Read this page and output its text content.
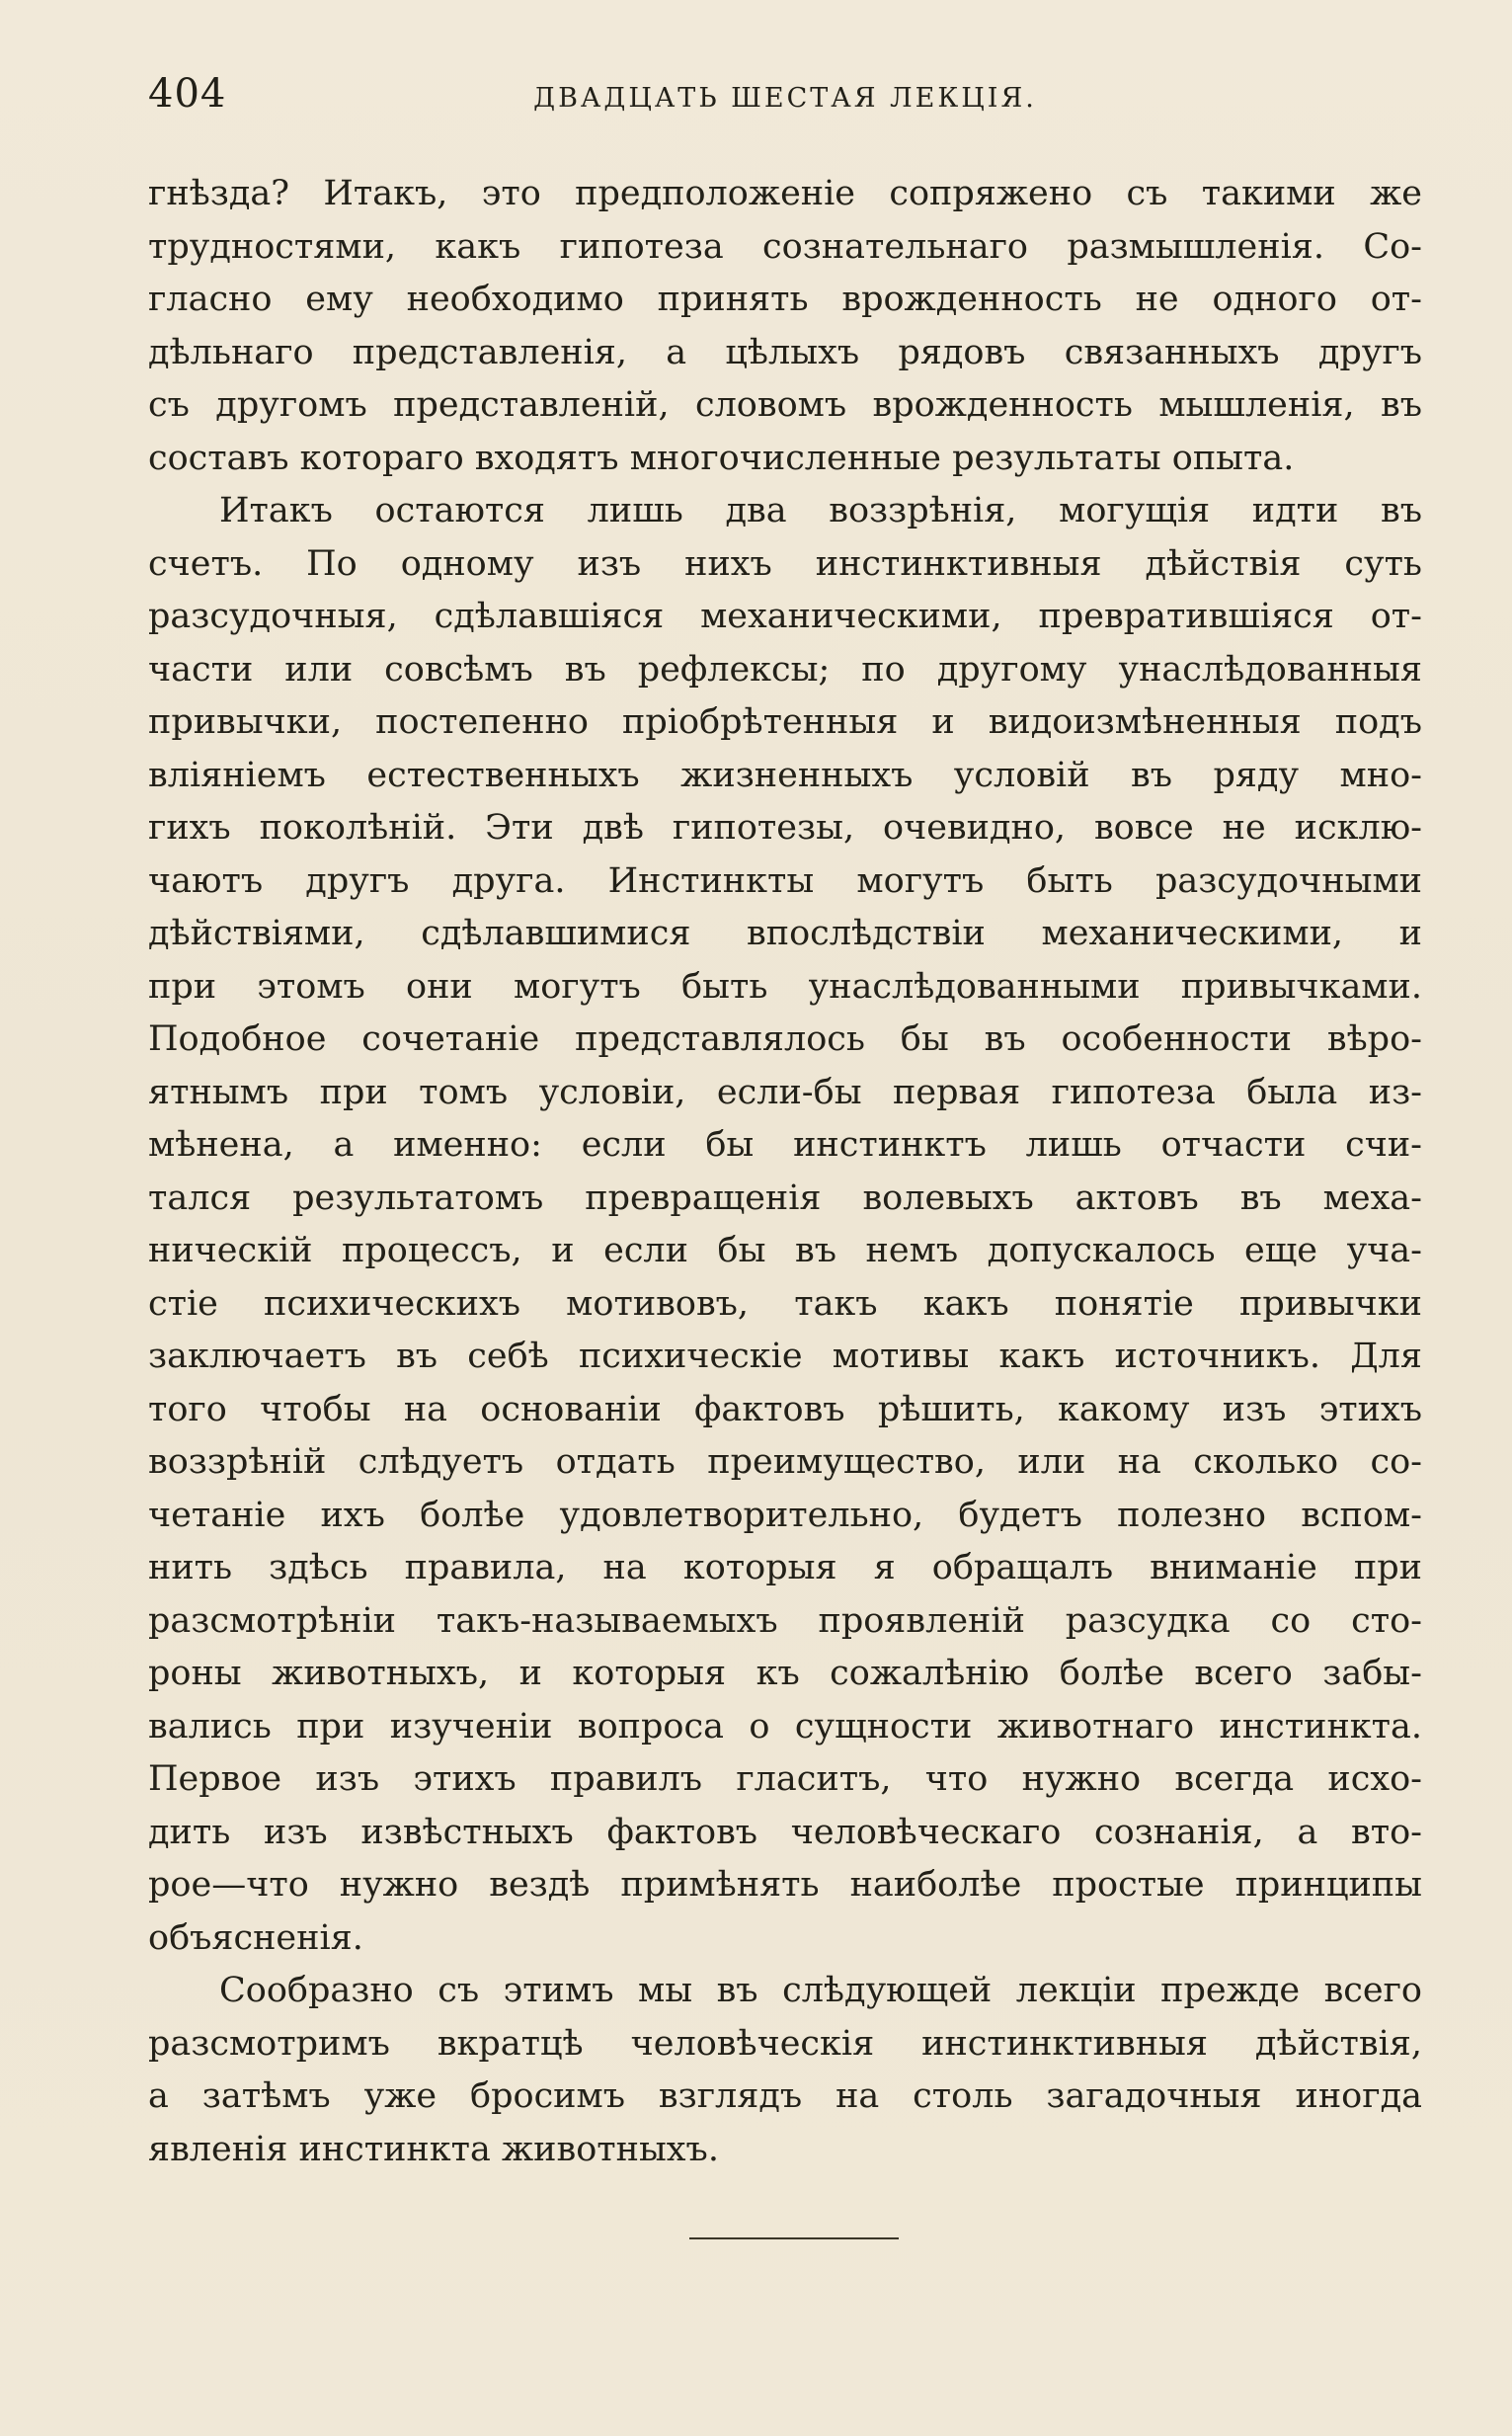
404	ДВАДЦАТЬ ШЕСТАЯ ЛЕКЦІЯ.

гнѣзда? Итакъ, это предположеніе сопряжено съ такими же
трудностями, какъ гипотеза сознательнаго размышленія. Со-
гласно ему необходимо принять врожденность не одного от-
дѣльнаго представленія, а цѣлыхъ рядовъ связанныхъ другъ
съ другомъ представленій, словомъ врожденность мышленія, въ
составъ котораго входятъ многочисленные результаты опыта.

Итакъ остаются лишь два воззрѣнія, могущія идти въ
счетъ. По одному изъ нихъ инстинктивныя дѣйствія суть
разсудочныя, сдѣлавшіяся механическими, превратившіяся от-
части или совсѣмъ въ рефлексы; по другому унаслѣдованныя
привычки, постепенно пріобрѣтенныя и видоизмѣненныя подъ
вліяніемъ естественныхъ жизненныхъ условій въ ряду мно-
гихъ поколѣній. Эти двѣ гипотезы, очевидно, вовсе не исклю-
чаютъ другъ друга. Инстинкты могутъ быть разсудочными
дѣйствіями, сдѣлавшимися впослѣдствіи механическими, и
при этомъ они могутъ быть унаслѣдованными привычками.
Подобное сочетаніе представлялось бы въ особенности вѣро-
ятнымъ при томъ условіи, если-бы первая гипотеза была из-
мѣнена, а именно: если бы инстинктъ лишь отчасти счи-
тался результатомъ превращенія волевыхъ актовъ въ меха-
ническій процессъ, и если бы въ немъ допускалось еще уча-
стіе психическихъ мотивовъ, такъ какъ понятіе привычки
заключаетъ въ себѣ психическіе мотивы какъ источникъ. Для
того чтобы на основаніи фактовъ рѣшить, какому изъ этихъ
воззрѣній слѣдуетъ отдать преимущество, или на сколько со-
четаніе ихъ болѣе удовлетворительно, будетъ полезно вспом-
нить здѣсь правила, на которыя я обращалъ вниманіе при
разсмотрѣніи такъ-называемыхъ проявленій разсудка со сто-
роны животныхъ, и которыя къ сожалѣнію болѣе всего забы-
вались при изученіи вопроса о сущности животнаго инстинкта.
Первое изъ этихъ правилъ гласитъ, что нужно всегда исхо-
дить изъ извѣстныхъ фактовъ человѣческаго сознанія, а вто-
рое—что нужно вездѣ примѣнять наиболѣе простые принципы
объясненія.

Сообразно съ этимъ мы въ слѣдующей лекціи прежде всего
разсмотримъ вкратцѣ человѣческія инстинктивныя дѣйствія,
а затѣмъ уже бросимъ взглядъ на столь загадочныя иногда
явленія инстинкта животныхъ.
